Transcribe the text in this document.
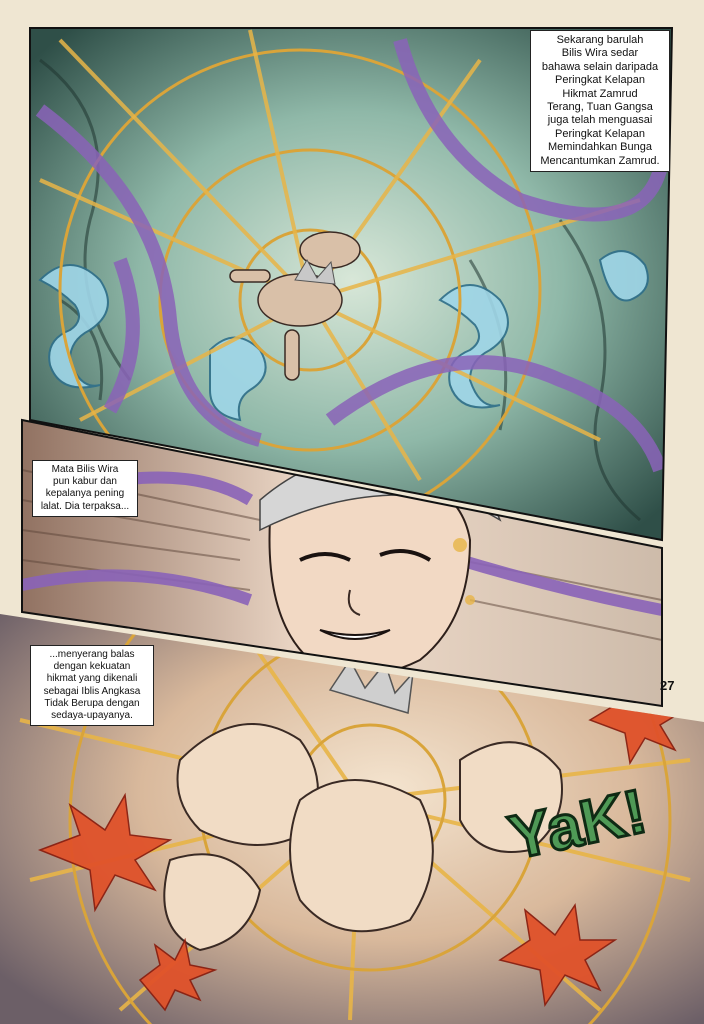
YaK!
Sekarang barulah
Bilis Wira sedar
bahawa selain daripada
Peringkat Kelapan
Hikmat Zamrud
Terang, Tuan Gangsa
juga telah menguasai
Peringkat Kelapan
Memindahkan Bunga
Mencantumkan Zamrud.
Mata Bilis Wira
pun kabur dan
kepalanya pening
lalat. Dia terpaksa...
...menyerang balas
dengan kekuatan
hikmat yang dikenali
sebagai Iblis Angkasa
Tidak Berupa dengan
sedaya-upayanya.
27
